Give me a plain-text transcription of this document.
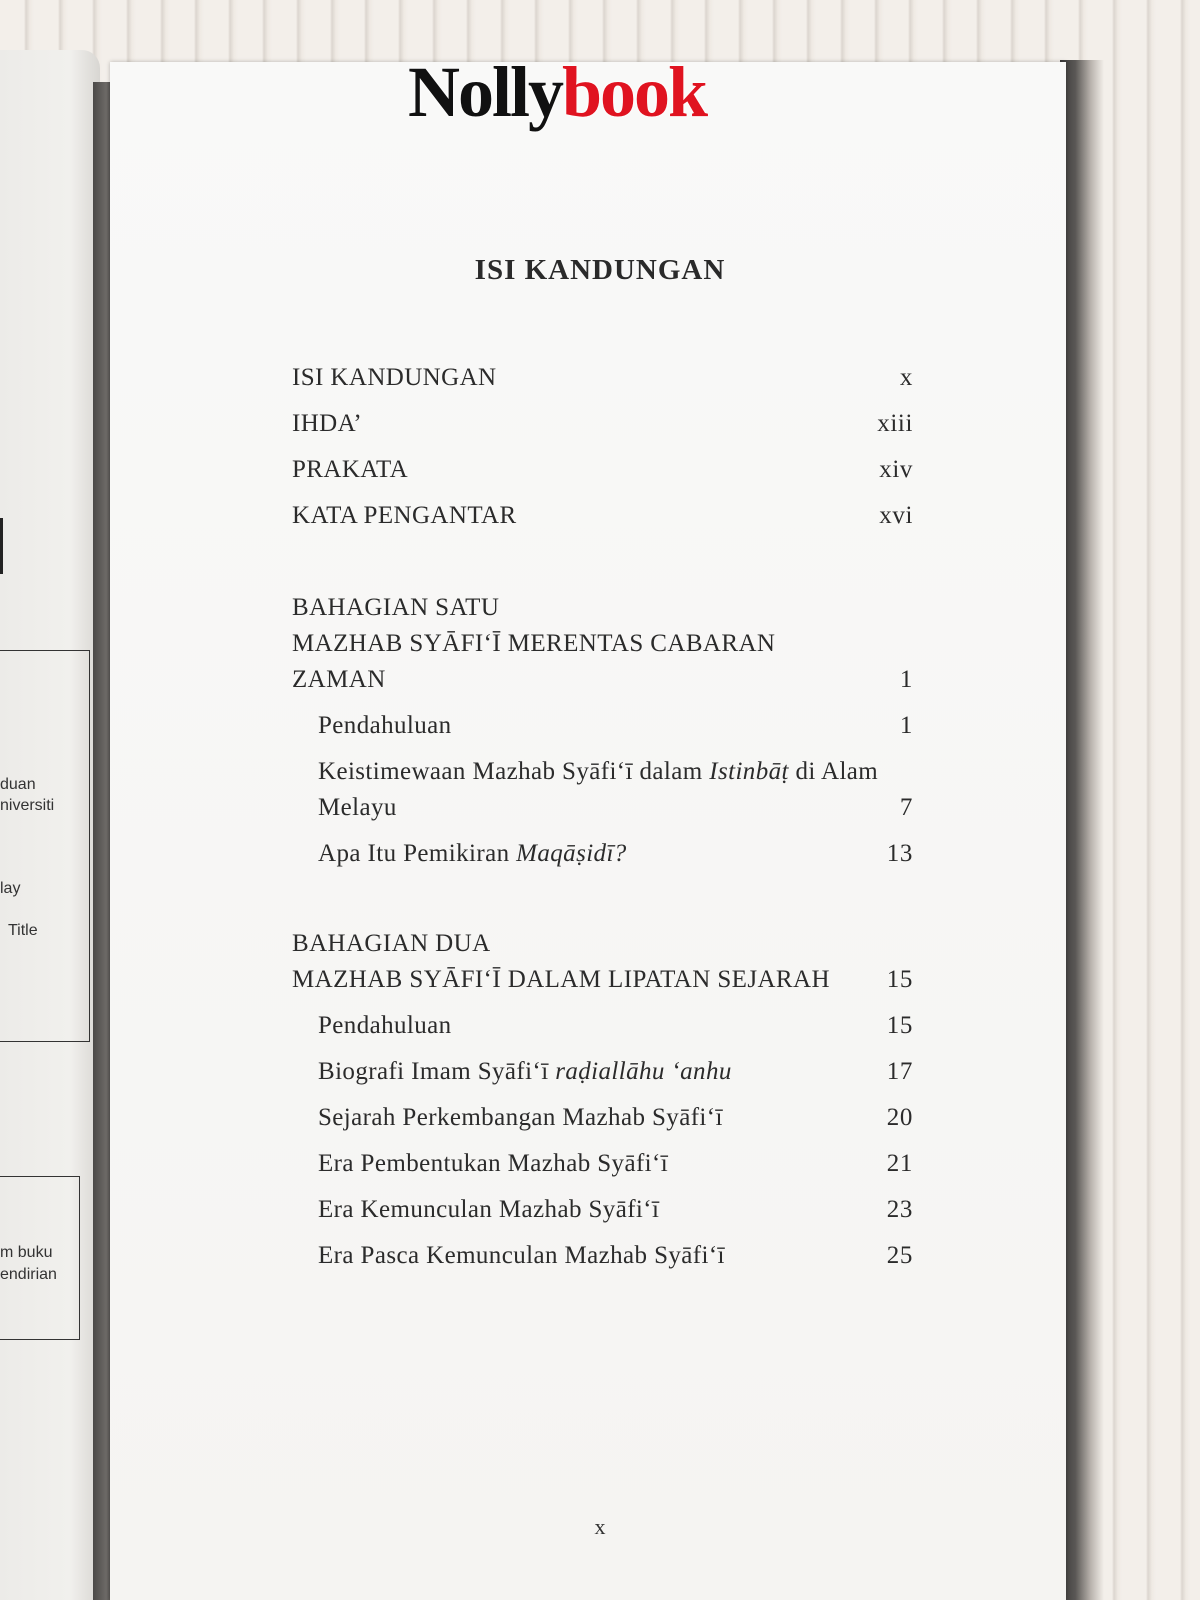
duan
niversiti
lay
Title
m buku
endirian
Nollybook
ISI KANDUNGAN
ISI KANDUNGAN	x
IHDA’	xiii
PRAKATA	xiv
KATA PENGANTAR	xvi
BAHAGIAN SATU
MAZHAB SYĀFI‘Ī MERENTAS CABARAN
ZAMAN	1
Pendahuluan	1
Keistimewaan Mazhab Syāfi‘ī dalam Istinbāṭ di Alam
Melayu	7
Apa Itu Pemikiran Maqāṣidī?	13
BAHAGIAN DUA
MAZHAB SYĀFI‘Ī DALAM LIPATAN SEJARAH 15
Pendahuluan	15
Biografi Imam Syāfi‘ī raḍiallāhu ‘anhu	17
Sejarah Perkembangan Mazhab Syāfi‘ī	20
Era Pembentukan Mazhab Syāfi‘ī	21
Era Kemunculan Mazhab Syāfi‘ī	23
Era Pasca Kemunculan Mazhab Syāfi‘ī	25
x
